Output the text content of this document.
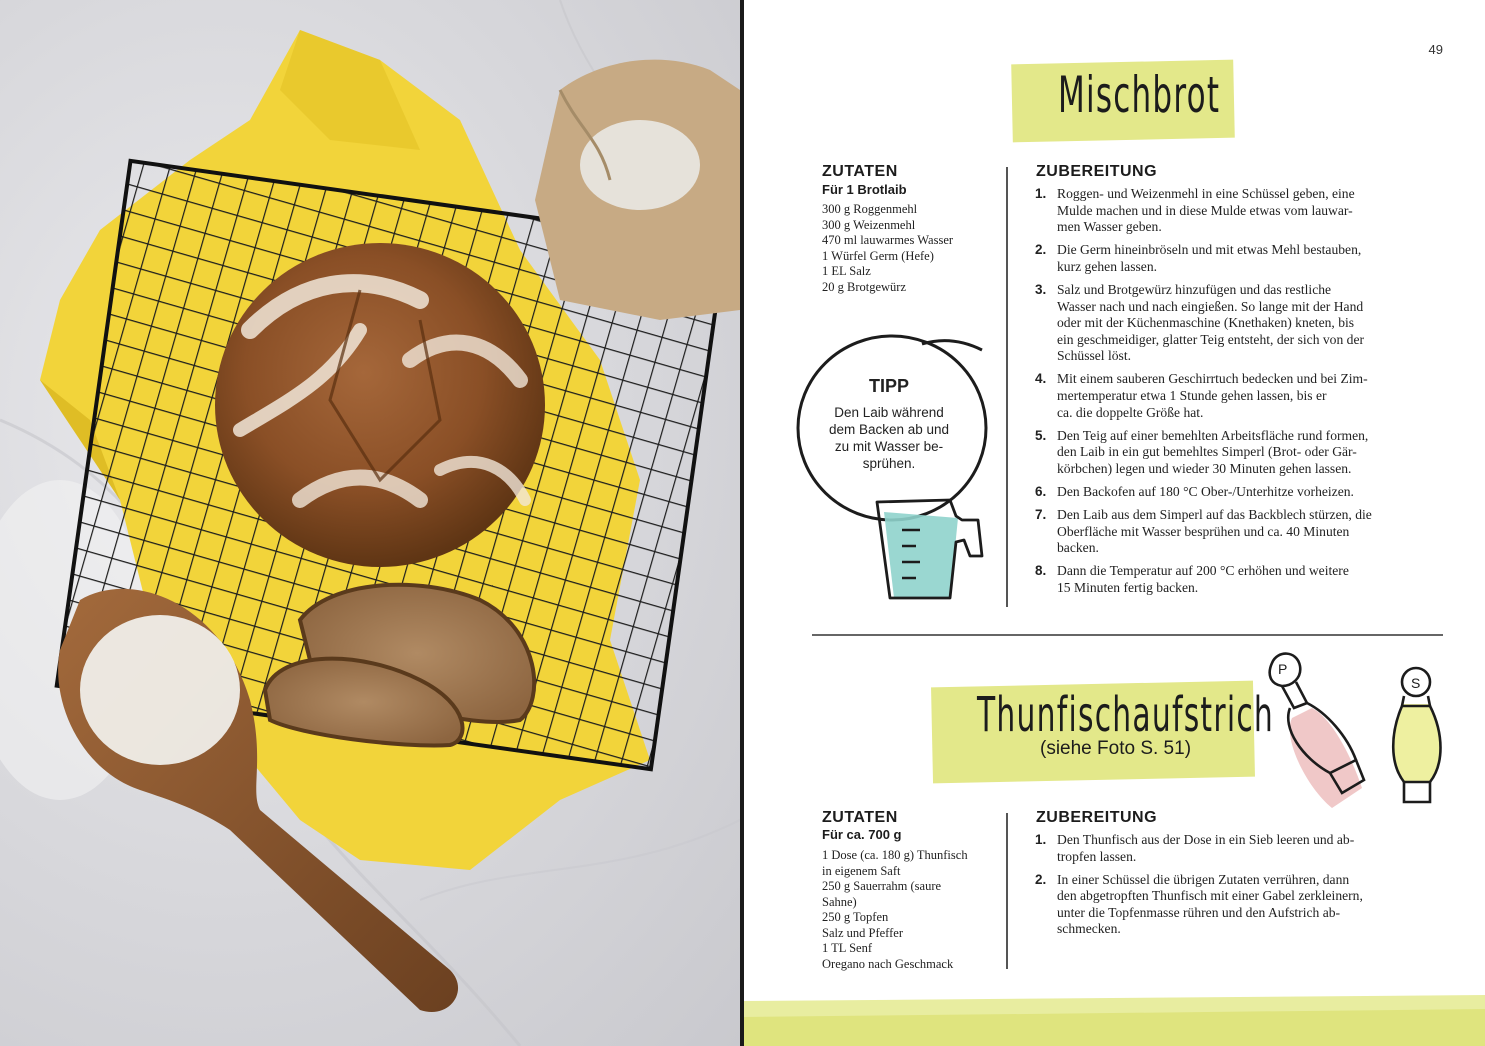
49
Mischbrot
ZUTATEN
Für 1 Brotlaib
300 g Roggenmehl
300 g Weizenmehl
470 ml lauwarmes Wasser
1 Würfel Germ (Hefe)
1 EL Salz
20 g Brotgewürz
TIPP
Den Laib während
dem Backen ab und
zu mit Wasser be-
sprühen.
ZUBEREITUNG
1. Roggen- und Weizenmehl in eine Schüssel geben, eine
Mulde machen und in diese Mulde etwas vom lauwar-
men Wasser geben.
2. Die Germ hineinbröseln und mit etwas Mehl bestauben,
kurz gehen lassen.
3. Salz und Brotgewürz hinzufügen und das restliche
Wasser nach und nach eingießen. So lange mit der Hand
oder mit der Küchenmaschine (Knethaken) kneten, bis
ein geschmeidiger, glatter Teig entsteht, der sich von der
Schüssel löst.
4. Mit einem sauberen Geschirrtuch bedecken und bei Zim-
mertemperatur etwa 1 Stunde gehen lassen, bis er
ca. die doppelte Größe hat.
5. Den Teig auf einer bemehlten Arbeitsfläche rund formen,
den Laib in ein gut bemehltes Simperl (Brot- oder Gär-
körbchen) legen und wieder 30 Minuten gehen lassen.
6. Den Backofen auf 180 °C Ober-/Unterhitze vorheizen.
7. Den Laib aus dem Simperl auf das Backblech stürzen, die
Oberfläche mit Wasser besprühen und ca. 40 Minuten
backen.
8. Dann die Temperatur auf 200 °C erhöhen und weitere
15 Minuten fertig backen.
Thunfischaufstrich
(siehe Foto S. 51)
P
S
ZUTATEN
Für ca. 700 g
1 Dose (ca. 180 g) Thunfisch
in eigenem Saft
250 g Sauerrahm (saure
Sahne)
250 g Topfen
Salz und Pfeffer
1 TL Senf
Oregano nach Geschmack
ZUBEREITUNG
1. Den Thunfisch aus der Dose in ein Sieb leeren und ab-
tropfen lassen.
2. In einer Schüssel die übrigen Zutaten verrühren, dann
den abgetropften Thunfisch mit einer Gabel zerkleinern,
unter die Topfenmasse rühren und den Aufstrich ab-
schmecken.
